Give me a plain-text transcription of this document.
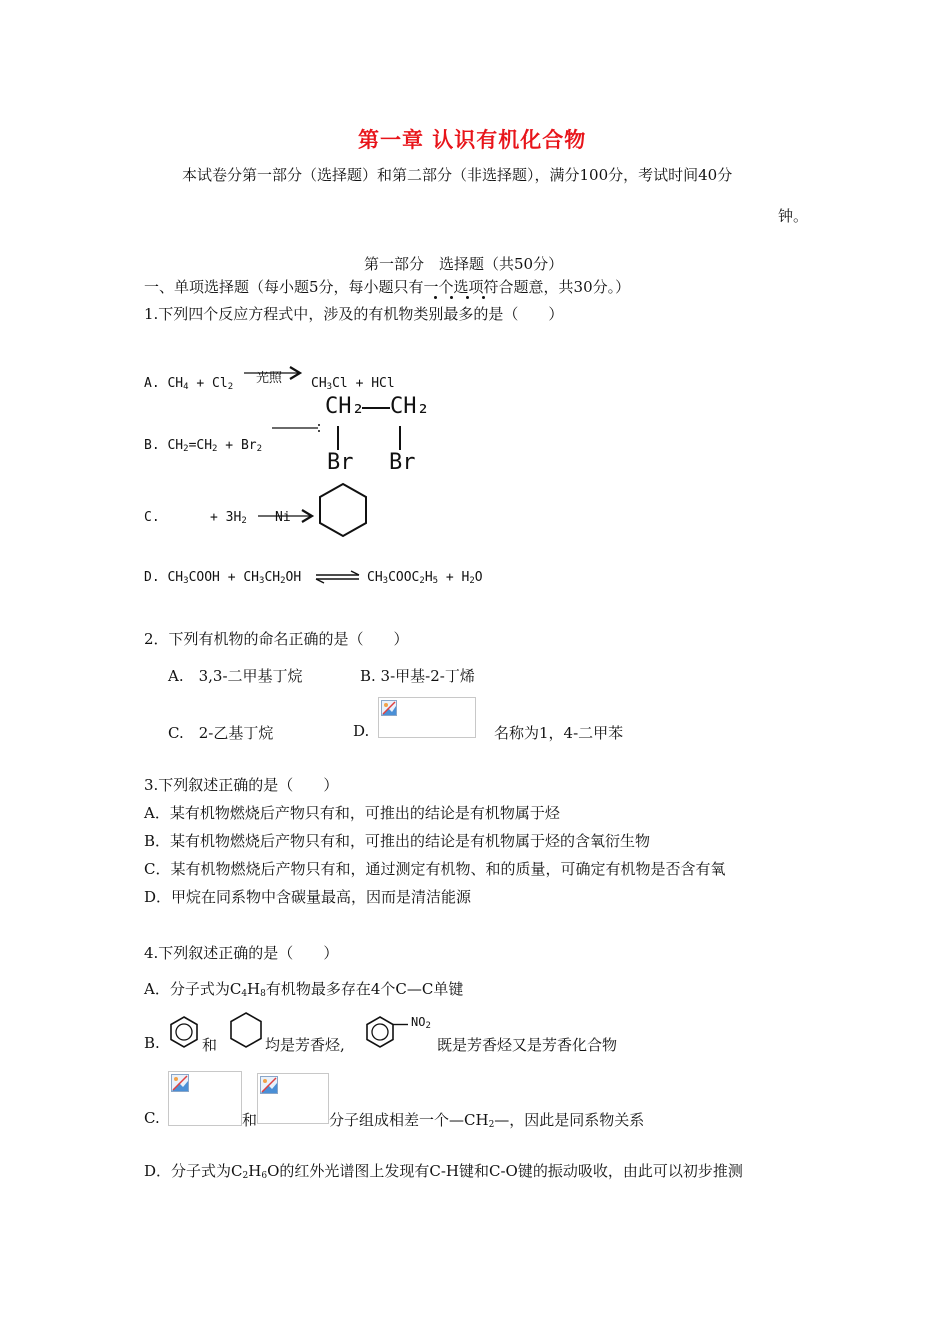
第一章 认识有机化合物
本试卷分第一部分（选择题）和第二部分（非选择题），满分100分，考试时间40分
钟。
第一部分　选择题（共50分）
一、单项选择题（每小题5分，每小题只有一个选项符合题意，共30分。）
1.下列四个反应方程式中，涉及的有机物类别最多的是（　　）
A. $CH_4 + Cl_2$
光照 $CH_3Cl$ + HCl
B. $CH_2=CH_2 + Br_2$
CH₂ CH₂
Br Br
C.	+ $3H_2$ Ni
D. $CH_3COOH + CH_3CH_2OH$ ⇌ $CH_3COOC_2H_5 + H_2O$
2．下列有机物的命名正确的是（　　）
A.　3,3-二甲基丁烷	B. 3-甲基-2-丁烯
C.　2-乙基丁烷	D.	名称为1，4-二甲苯
3.下列叙述正确的是（　　）
A．某有机物燃烧后产物只有和，可推出的结论是有机物属于烃
B．某有机物燃烧后产物只有和，可推出的结论是有机物属于烃的含氧衍生物
C．某有机物燃烧后产物只有和，通过测定有机物、和的质量，可确定有机物是否含有氧
D．甲烷在同系物中含碳量最高，因而是清洁能源
4.下列叙述正确的是（　　）
A．分子式为$C_4H_8$有机物最多存在4个C—C单键
B.	和	均是芳香烃,
$NO_2$
既是芳香烃又是芳香化合物
C.	和	分子组成相差一个$—CH_2—$，因此是同系物关系
D．分子式为$C_2H_6O$的红外光谱图上发现有C-H键和C-O键的振动吸收，由此可以初步推测
